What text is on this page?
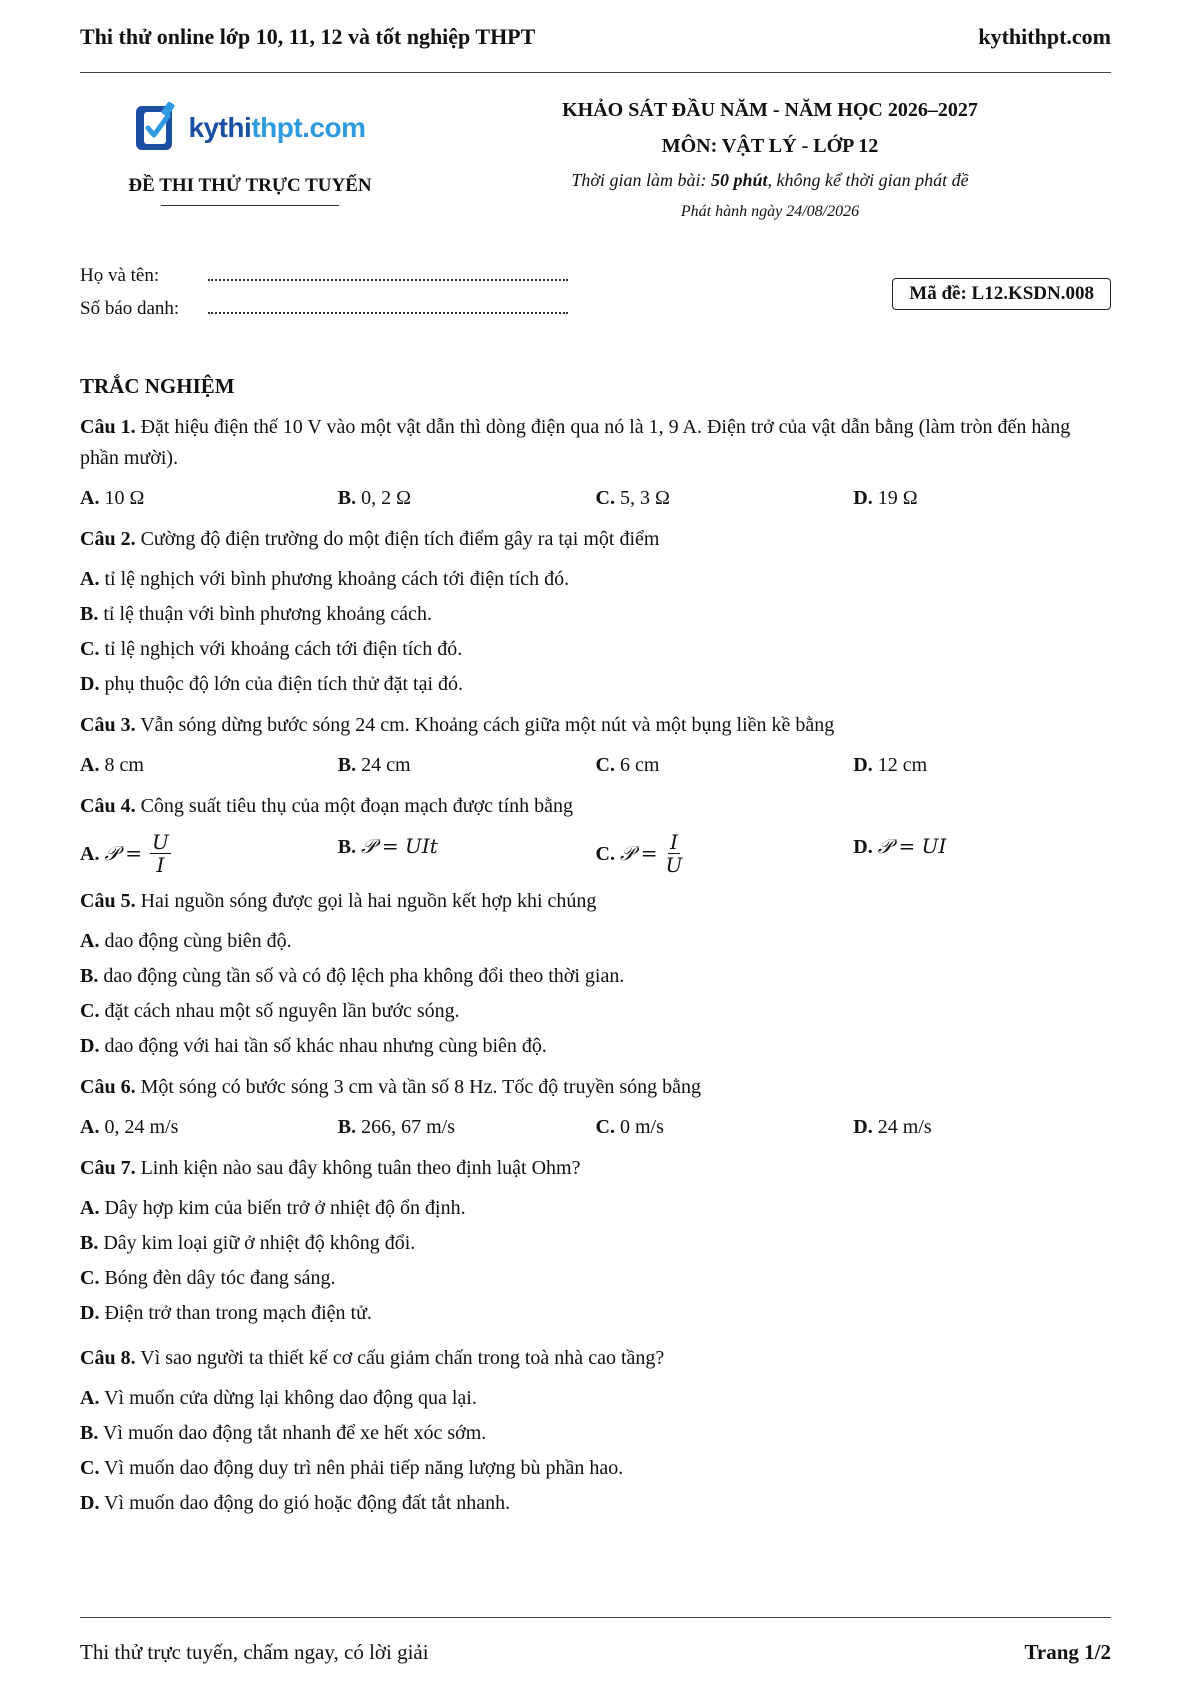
Thi thử online lớp 10, 11, 12 và tốt nghiệp THPT	kythithpt.com
kythithpt.com
ĐỀ THI THỬ TRỰC TUYẾN
KHẢO SÁT ĐẦU NĂM - NĂM HỌC 2026–2027
MÔN: VẬT LÝ - LỚP 12
Thời gian làm bài: 50 phút, không kể thời gian phát đề
Phát hành ngày 24/08/2026
Họ và tên:
Số báo danh:
Mã đề: L12.KSDN.008
TRẮC NGHIỆM
Câu 1. Đặt hiệu điện thế 10 V vào một vật dẫn thì dòng điện qua nó là 1, 9 A. Điện trở của vật dẫn bằng (làm tròn đến hàng phần mười).
A. 10 Ω	B. 0, 2 Ω	C. 5, 3 Ω	D. 19 Ω
Câu 2. Cường độ điện trường do một điện tích điểm gây ra tại một điểm
A. tỉ lệ nghịch với bình phương khoảng cách tới điện tích đó.
B. tỉ lệ thuận với bình phương khoảng cách.
C. tỉ lệ nghịch với khoảng cách tới điện tích đó.
D. phụ thuộc độ lớn của điện tích thử đặt tại đó.
Câu 3. Vẫn sóng dừng bước sóng 24 cm. Khoảng cách giữa một nút và một bụng liền kề bằng
A. 8 cm	B. 24 cm	C. 6 cm	D. 12 cm
Câu 4. Công suất tiêu thụ của một đoạn mạch được tính bằng
A. 𝒫 = $\frac{U}{I}$	B. 𝒫 = UIt	C. 𝒫 = $\frac{I}{U}$	D. 𝒫 = UI
Câu 5. Hai nguồn sóng được gọi là hai nguồn kết hợp khi chúng
A. dao động cùng biên độ.
B. dao động cùng tần số và có độ lệch pha không đổi theo thời gian.
C. đặt cách nhau một số nguyên lần bước sóng.
D. dao động với hai tần số khác nhau nhưng cùng biên độ.
Câu 6. Một sóng có bước sóng 3 cm và tần số 8 Hz. Tốc độ truyền sóng bằng
A. 0, 24 m/s	B. 266, 67 m/s	C. 0 m/s	D. 24 m/s
Câu 7. Linh kiện nào sau đây không tuân theo định luật Ohm?
A. Dây hợp kim của biến trở ở nhiệt độ ổn định.
B. Dây kim loại giữ ở nhiệt độ không đổi.
C. Bóng đèn dây tóc đang sáng.
D. Điện trở than trong mạch điện tử.
Câu 8. Vì sao người ta thiết kế cơ cấu giảm chấn trong toà nhà cao tầng?
A. Vì muốn cửa dừng lại không dao động qua lại.
B. Vì muốn dao động tắt nhanh để xe hết xóc sớm.
C. Vì muốn dao động duy trì nên phải tiếp năng lượng bù phần hao.
D. Vì muốn dao động do gió hoặc động đất tắt nhanh.
Thi thử trực tuyến, chấm ngay, có lời giải	Trang 1/2
